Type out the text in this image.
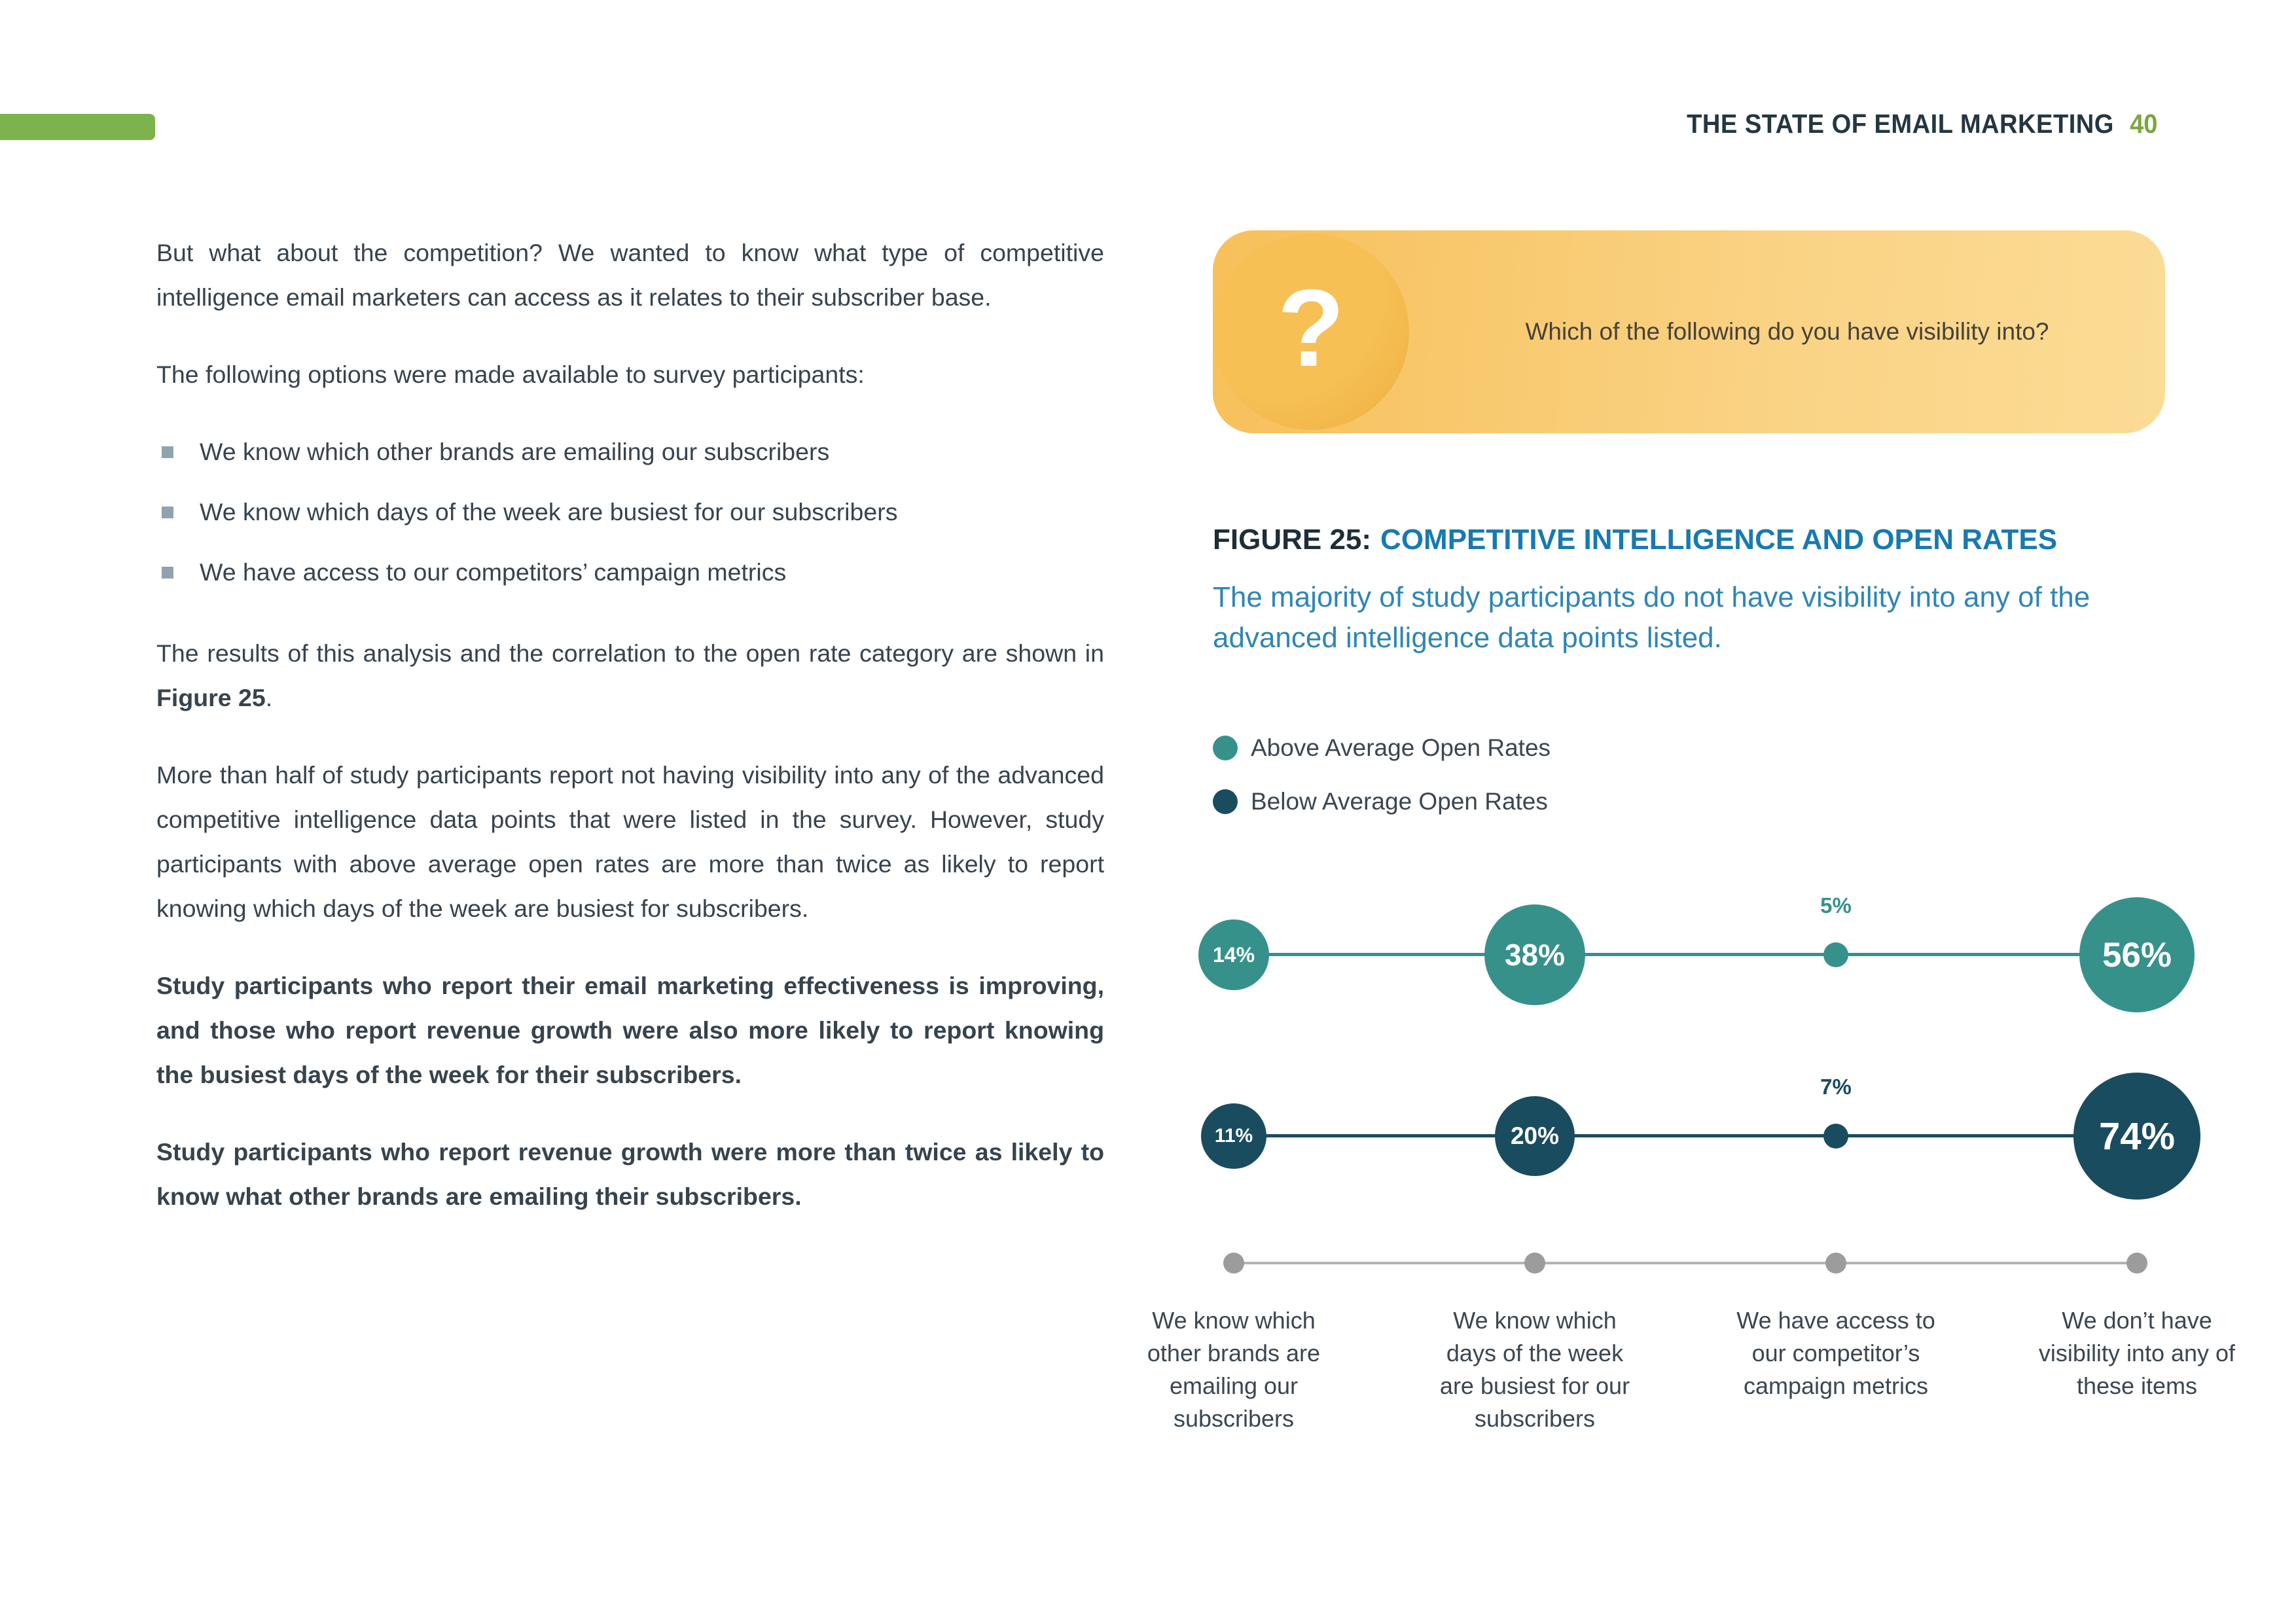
THE STATE OF EMAIL MARKETING 40

But what about the competition? We wanted to know what type of competitive intelligence email marketers can access as it relates to their subscriber base.

The following options were made available to survey participants:

We know which other brands are emailing our subscribers
We know which days of the week are busiest for our subscribers
We have access to our competitors’ campaign metrics

The results of this analysis and the correlation to the open rate category are shown in Figure 25.

More than half of study participants report not having visibility into any of the advanced competitive intelligence data points that were listed in the survey. However, study participants with above average open rates are more than twice as likely to report knowing which days of the week are busiest for subscribers.

Study participants who report their email marketing effectiveness is improving, and those who report revenue growth were also more likely to report knowing the busiest days of the week for their subscribers.

Study participants who report revenue growth were more than twice as likely to know what other brands are emailing their subscribers.

?	Which of the following do you have visibility into?
FIGURE 25: COMPETITIVE INTELLIGENCE AND OPEN RATES
The majority of study participants do not have visibility into any of the advanced intelligence data points listed.
Above Average Open Rates
Below Average Open Rates
14%	38%
5%
56%
11%	20%
7%
74%
We know which other brands are emailing our subscribers
We know which days of the week are busiest for our subscribers
We have access to our competitor’s campaign metrics
We don’t have visibility into any of these items
